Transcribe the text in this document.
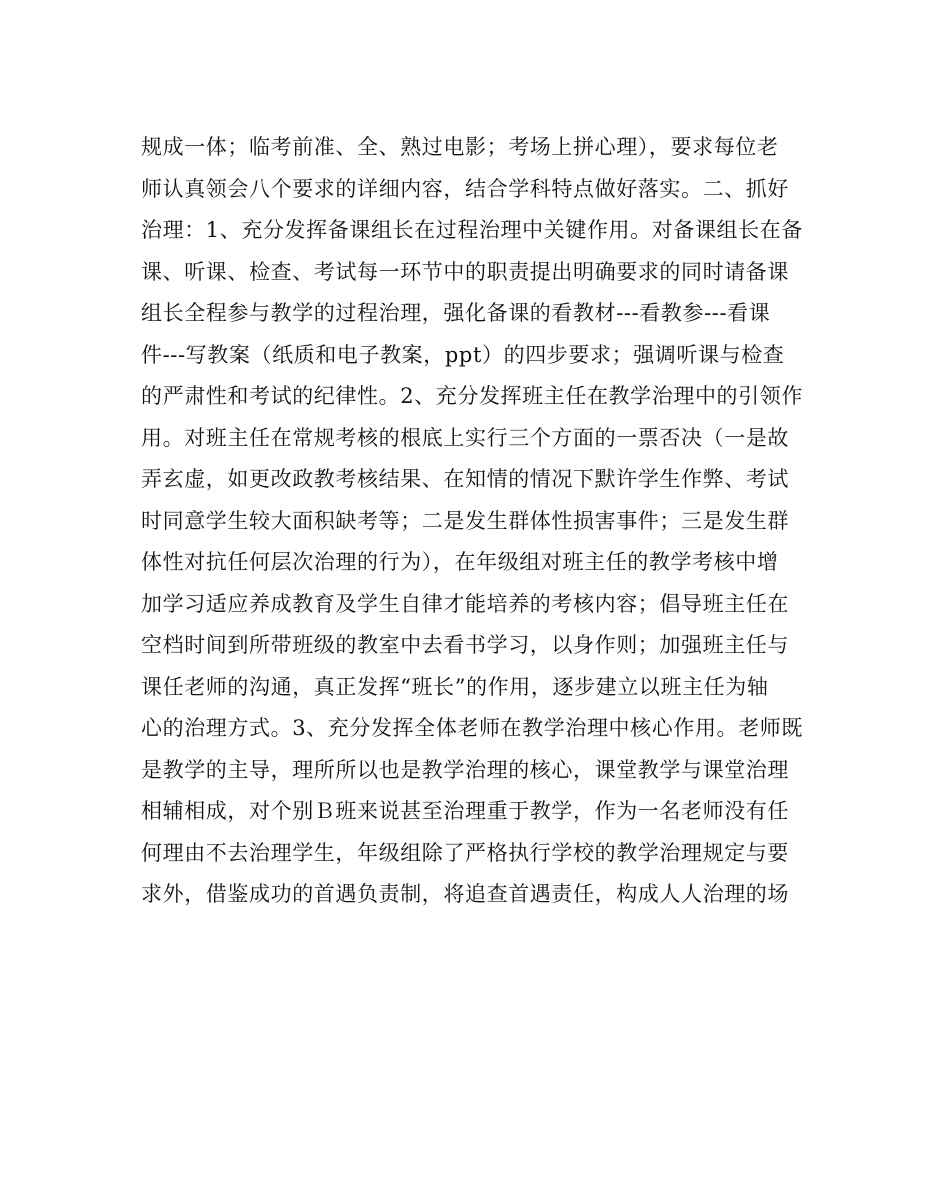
规成一体；临考前准、全、熟过电影；考场上拼心理），要求每位老
师认真领会八个要求的详细内容，结合学科特点做好落实。二、抓好
治理：1、充分发挥备课组长在过程治理中关键作用。对备课组长在备
课、听课、检查、考试每一环节中的职责提出明确要求的同时请备课
组长全程参与教学的过程治理，强化备课的看教材---看教参---看课
件---写教案（纸质和电子教案，ppt）的四步要求；强调听课与检查
的严肃性和考试的纪律性。2、充分发挥班主任在教学治理中的引领作
用。对班主任在常规考核的根底上实行三个方面的一票否决（一是故
弄玄虚，如更改政教考核结果、在知情的情况下默许学生作弊、考试
时同意学生较大面积缺考等；二是发生群体性损害事件；三是发生群
体性对抗任何层次治理的行为），在年级组对班主任的教学考核中增
加学习适应养成教育及学生自律才能培养的考核内容；倡导班主任在
空档时间到所带班级的教室中去看书学习，以身作则；加强班主任与
课任老师的沟通，真正发挥“班长”的作用，逐步建立以班主任为轴
心的治理方式。3、充分发挥全体老师在教学治理中核心作用。老师既
是教学的主导，理所所以也是教学治理的核心，课堂教学与课堂治理
相辅相成，对个别Ｂ班来说甚至治理重于教学，作为一名老师没有任
何理由不去治理学生，年级组除了严格执行学校的教学治理规定与要
求外，借鉴成功的首遇负责制，将追查首遇责任，构成人人治理的场
